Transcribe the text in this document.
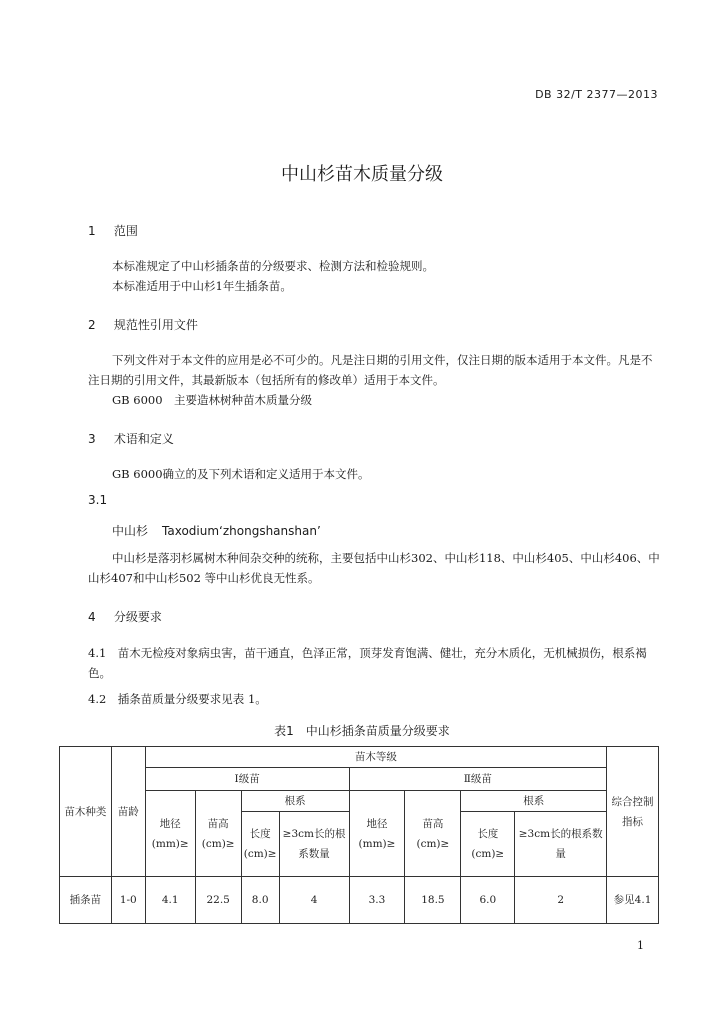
DB 32/T 2377—2013
中山杉苗木质量分级
1 范围
本标准规定了中山杉插条苗的分级要求、检测方法和检验规则。
本标准适用于中山杉1年生插条苗。
2 规范性引用文件
下列文件对于本文件的应用是必不可少的。凡是注日期的引用文件，仅注日期的版本适用于本文件。凡是不注日期的引用文件，其最新版本（包括所有的修改单）适用于本文件。
GB 6000　主要造林树种苗木质量分级
3 术语和定义
GB 6000确立的及下列术语和定义适用于本文件。
3.1
中山杉 Taxodium‘zhongshanshan’
中山杉是落羽杉属树木种间杂交种的统称，主要包括中山杉302、中山杉118、中山杉405、中山杉406、中山杉407和中山杉502 等中山杉优良无性系。
4 分级要求
4.1　苗木无检疫对象病虫害，苗干通直，色泽正常，顶芽发育饱满、健壮，充分木质化，无机械损伤，根系褐色。
4.2　插条苗质量分级要求见表 1。
表1　中山杉插条苗质量分级要求
苗木种类	苗龄	苗木等级								综合控制指标
		Ⅰ级苗				Ⅱ级苗				
		地径(mm)≥	苗高(cm)≥	根系		地径(mm)≥	苗高(cm)≥	根系		
				长度(cm)≥	≥3cm长的根系数量			长度(cm)≥	≥3cm长的根系数量	
插条苗	1-0	4.1	22.5	8.0	4	3.3	18.5	6.0	2	参见4.1
1
